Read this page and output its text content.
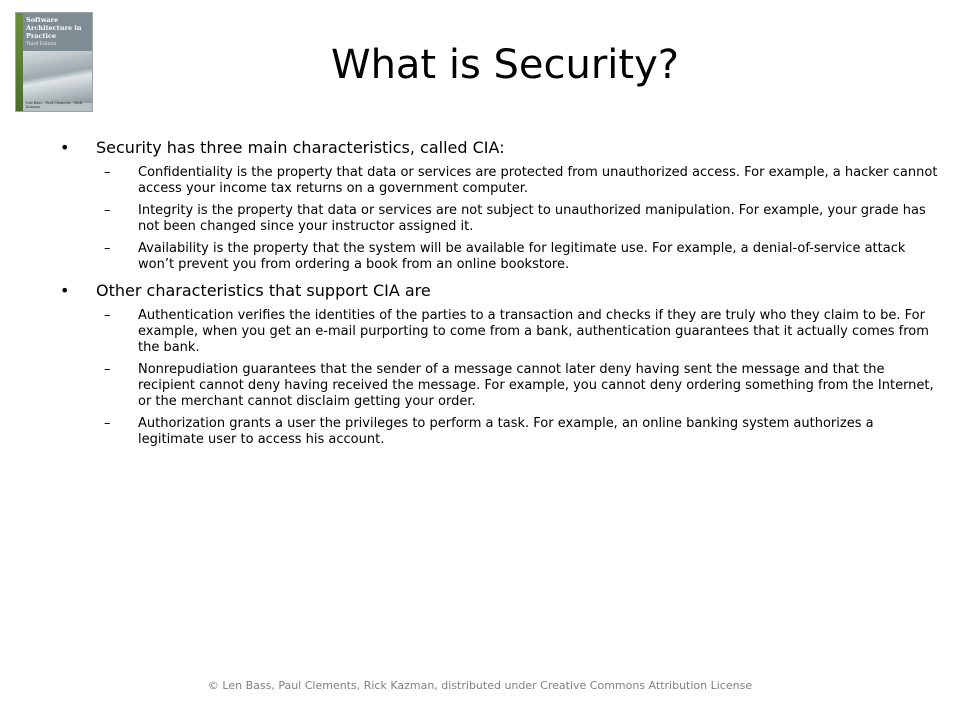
Software Architecture in Practice
Third Edition
Len Bass · Paul Clements · Rick Kazman
What is Security?
• Security has three main characteristics, called CIA:
– Confidentiality is the property that data or services are protected from unauthorized access. For example, a hacker cannot access your income tax returns on a government computer.
– Integrity is the property that data or services are not subject to unauthorized manipulation. For example, your grade has not been changed since your instructor assigned it.
– Availability is the property that the system will be available for legitimate use. For example, a denial-of-service attack won’t prevent you from ordering a book from an online bookstore.
• Other characteristics that support CIA are
– Authentication verifies the identities of the parties to a transaction and checks if they are truly who they claim to be. For example, when you get an e-mail purporting to come from a bank, authentication guarantees that it actually comes from the bank.
– Nonrepudiation guarantees that the sender of a message cannot later deny having sent the message and that the recipient cannot deny having received the message. For example, you cannot deny ordering something from the Internet, or the merchant cannot disclaim getting your order.
– Authorization grants a user the privileges to perform a task. For example, an online banking system authorizes a legitimate user to access his account.
© Len Bass, Paul Clements, Rick Kazman, distributed under Creative Commons Attribution License
